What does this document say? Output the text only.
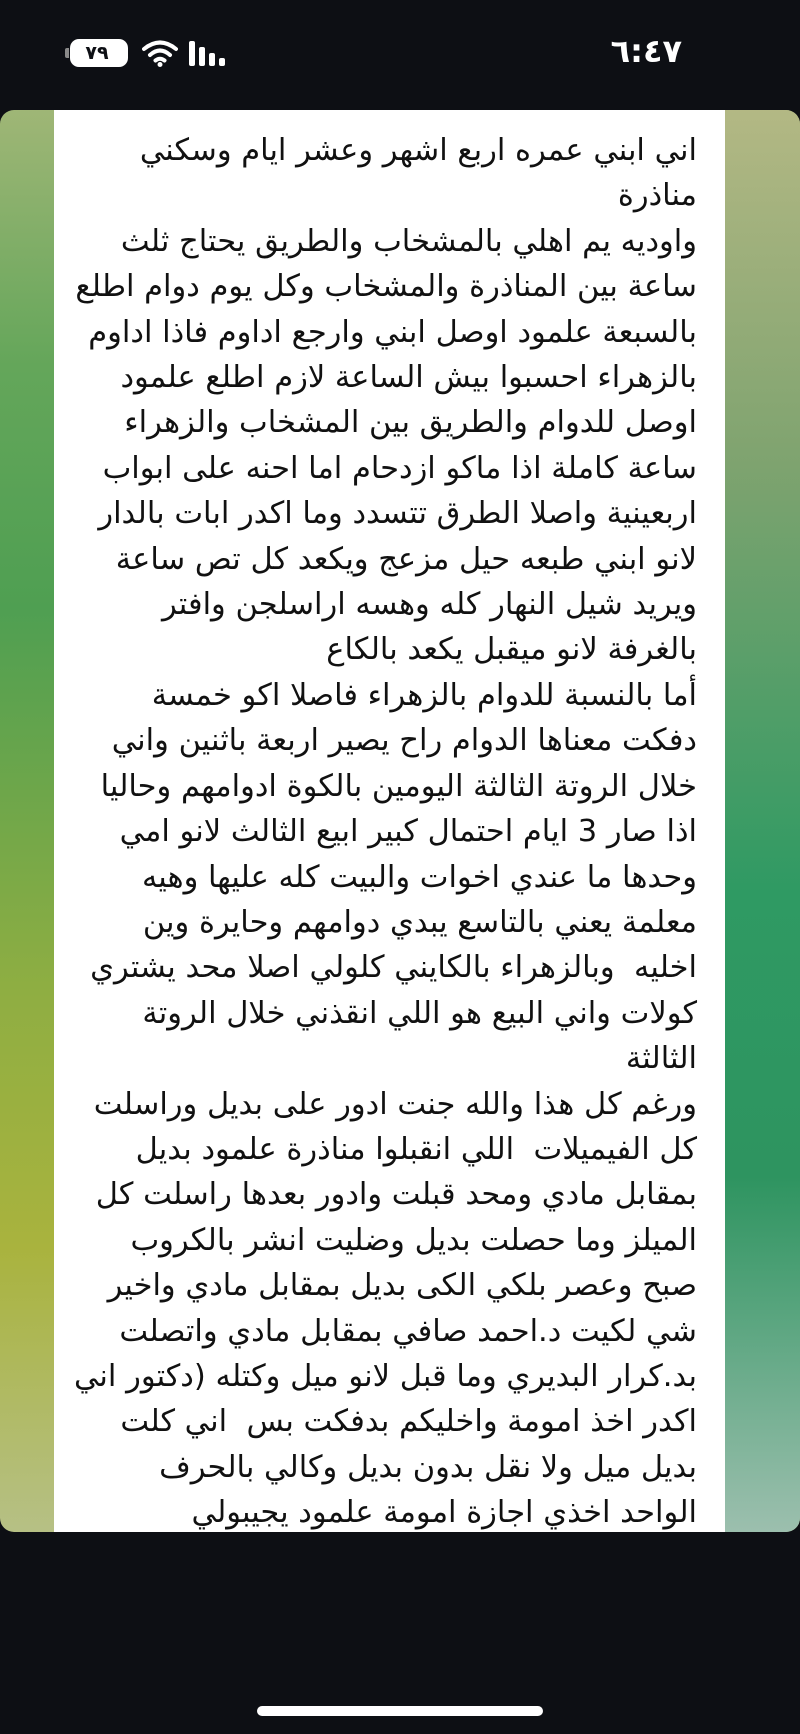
٧٩	٦:٤٧

اني ابني عمره اربع اشهر وعشر ايام وسكني مناذرة
واوديه يم اهلي بالمشخاب والطريق يحتاج ثلث
ساعة بين المناذرة والمشخاب وكل يوم دوام اطلع
بالسبعة علمود اوصل ابني وارجع اداوم فاذا اداوم
بالزهراء احسبوا بيش الساعة لازم اطلع علمود
اوصل للدوام والطريق بين المشخاب والزهراء
ساعة كاملة اذا ماكو ازدحام اما احنه على ابواب
اربعينية واصلا الطرق تتسدد وما اكدر ابات بالدار
لانو ابني طبعه حيل مزعج ويكعد كل تص ساعة
ويريد شيل النهار كله وهسه اراسلجن وافتر
بالغرفة لانو ميقبل يكعد بالكاع
أما بالنسبة للدوام بالزهراء فاصلا اكو خمسة
دفكت معناها الدوام راح يصير اربعة باثنين واني
خلال الروتة الثالثة اليومين بالكوة ادوامهم وحاليا
اذا صار 3 ايام احتمال كبير ابيع الثالث لانو امي
وحدها ما عندي اخوات والبيت كله عليها وهيه
معلمة يعني بالتاسع يبدي دوامهم وحايرة وين
اخليه  وبالزهراء بالكايني كلولي اصلا محد يشتري
كولات واني البيع هو اللي انقذني خلال الروتة
الثالثة
ورغم كل هذا والله جنت ادور على بديل وراسلت
كل الفيميلات  اللي انقبلوا مناذرة علمود بديل
بمقابل مادي ومحد قبلت وادور بعدها راسلت كل
الميلز وما حصلت بديل وضليت انشر بالكروب
صبح وعصر بلكي الكى بديل بمقابل مادي واخير
شي لكيت د.احمد صافي بمقابل مادي واتصلت
بد.كرار البديري وما قبل لانو ميل وكتله (دكتور اني
اكدر اخذ امومة واخليكم بدفكت بس  اني كلت
بديل ميل ولا نقل بدون بديل وكالي بالحرف
الواحد اخذي اجازة امومة علمود يجيبولي
